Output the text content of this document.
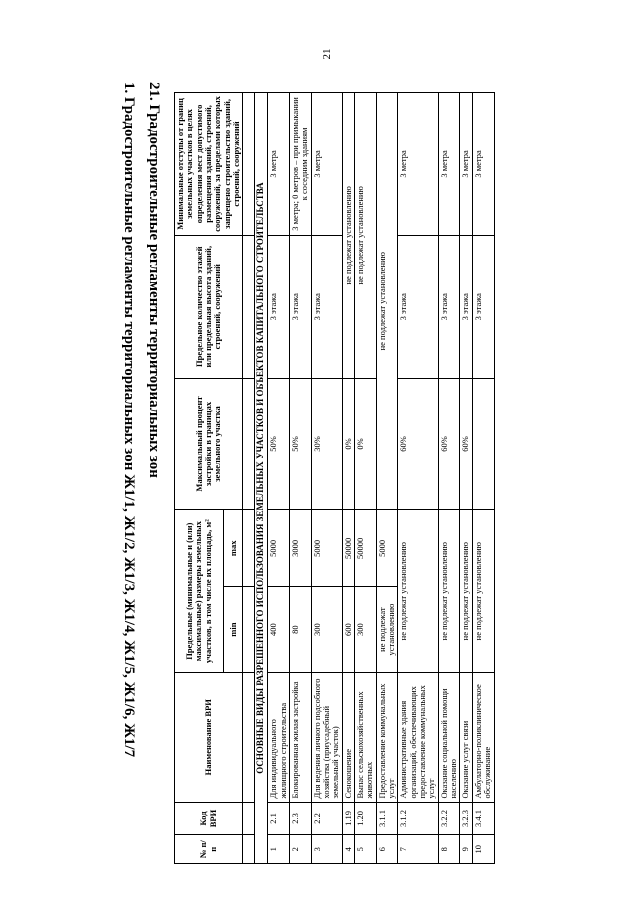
21
21. Градостроительные регламенты территориальных зон
1. Градостроительные регламенты территориальных зон Ж1/1, Ж1/2, Ж1/3, Ж1/4, Ж1/5, Ж1/6, Ж1/7
№ п/п	Код ВРИ	Наименование ВРИ	Предельные (минимальные и (или) максимальные) размеры земельных участков, в том числе их площадь, м²		Максимальный процент застройки в границах земельного участка	Предельное количество этажей или предельная высота зданий, строений, сооружений	Минимальные отступы от границ земельных участков в целях определения мест допустимого размещения зданий, строений, сооружений, за пределами которых запрещено строительство зданий, строений, сооружений
			min	max			

ОСНОВНЫЕ ВИДЫ РАЗРЕШЕННОГО ИСПОЛЬЗОВАНИЯ ЗЕМЕЛЬНЫХ УЧАСТКОВ И ОБЪЕКТОВ КАПИТАЛЬНОГО СТРОИТЕЛЬСТВА							
1	2.1	Для индивидуального жилищного строительства	400	5000	50%	3 этажа	3 метра
2	2.3	Блокированная жилая застройка	80	3000	50%	3 этажа	3 метра; 0 метров – при примыкании к соседним зданиям
3	2.2	Для ведения личного подсобного хозяйства (приусадебный земельный участок)	300	5000	30%	3 этажа	3 метра
4	1.19	Сенокошение	600	50000	0%	не подлежат установлению	
5	1.20	Выпас сельскохозяйственных животных	300	50000	0%	не подлежат установлению	
6	3.1.1	Предоставление коммунальных услуг	не подлежат установлению	5000	не подлежат установлению		
7	3.1.2	Административные здания организаций, обеспечивающих предоставление коммунальных услуг	не подлежат установлению		60%	3 этажа	3 метра
8	3.2.2	Оказание социальной помощи населению	не подлежат установлению		60%	3 этажа	3 метра
9	3.2.3	Оказание услуг связи	не подлежат установлению		60%	3 этажа	3 метра
10	3.4.1	Амбулаторно-поликлиническое обслуживание	не подлежат установлению			3 этажа	3 метра
